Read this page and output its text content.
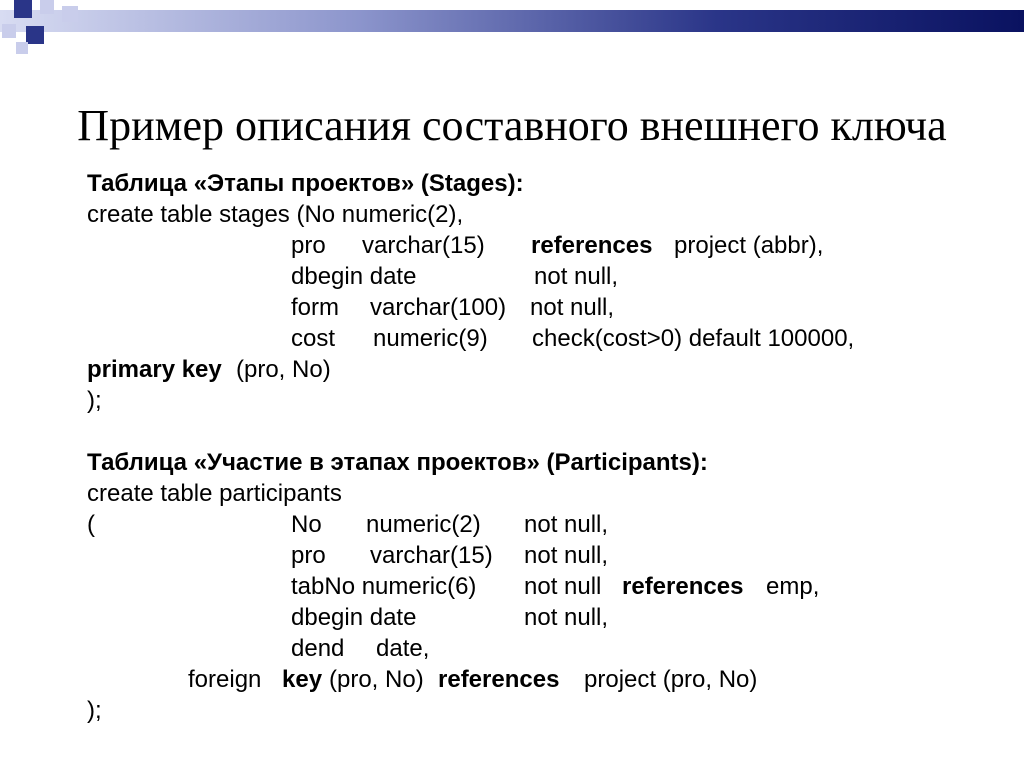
Пример описания составного внешнего ключа
Таблица «Этапы проектов» (Stages):
create table stages (No numeric(2),
pro varchar(15) references project (abbr),
dbegin date	not null,
form varchar(100) not null,
cost numeric(9) check(cost>0) default 100000,
primary key (pro, No)
);
Таблица «Участие в этапах проектов» (Participants):
create table participants
(	No numeric(2) not null,
pro varchar(15) not null,
tabNo numeric(6) not null references emp,
dbegin date	not null,
dend date,
foreign key (pro, No) references project (pro, No)
);
